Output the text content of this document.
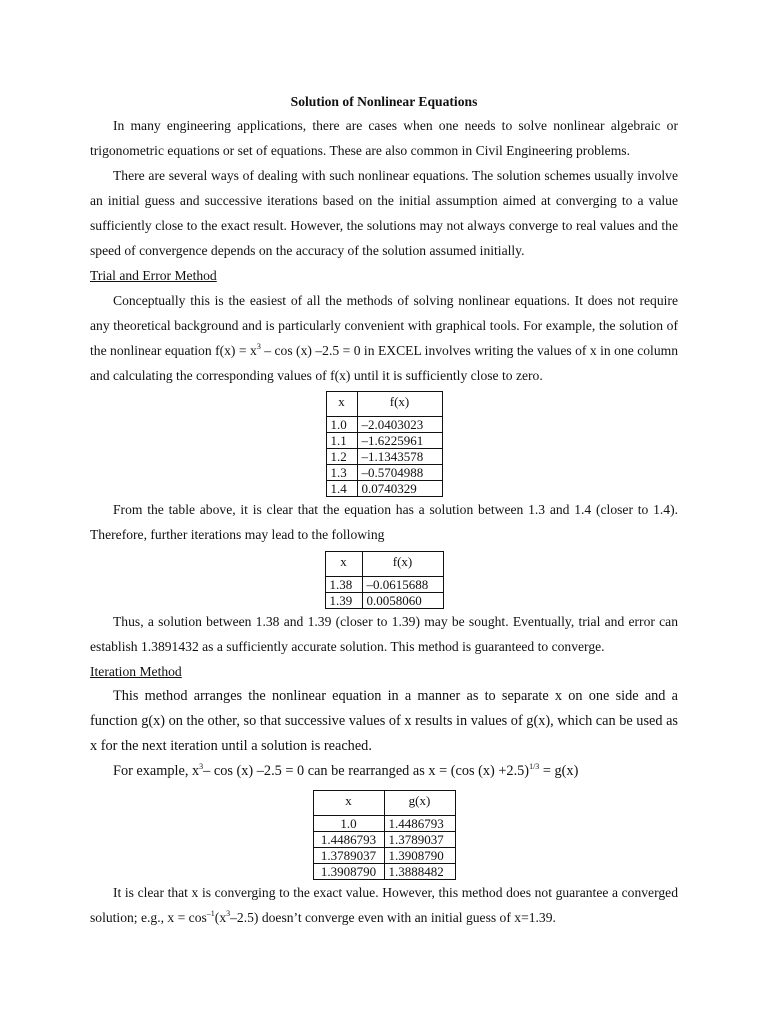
Solution of Nonlinear Equations

In many engineering applications, there are cases when one needs to solve nonlinear algebraic or trigonometric equations or set of equations. These are also common in Civil Engineering problems.

There are several ways of dealing with such nonlinear equations. The solution schemes usually involve an initial guess and successive iterations based on the initial assumption aimed at converging to a value sufficiently close to the exact result. However, the solutions may not always converge to real values and the speed of convergence depends on the accuracy of the solution assumed initially.

Trial and Error Method

Conceptually this is the easiest of all the methods of solving nonlinear equations. It does not require any theoretical background and is particularly convenient with graphical tools. For example, the solution of the nonlinear equation $f(x) = x^3 - \cos (x) -2.5 = 0$ in EXCEL involves writing the values of x in one column and calculating the corresponding values of f(x) until it is sufficiently close to zero.

x	f(x)
1.0	–2.0403023
1.1	–1.6225961
1.2	–1.1343578
1.3	–0.5704988
1.4	0.0740329

From the table above, it is clear that the equation has a solution between 1.3 and 1.4 (closer to 1.4). Therefore, further iterations may lead to the following

x	f(x)
1.38	–0.0615688
1.39	0.0058060

Thus, a solution between 1.38 and 1.39 (closer to 1.39) may be sought. Eventually, trial and error can establish 1.3891432 as a sufficiently accurate solution. This method is guaranteed to converge.

Iteration Method

This method arranges the nonlinear equation in a manner as to separate x on one side and a function g(x) on the other, so that successive values of x results in values of g(x), which can be used as x for the next iteration until a solution is reached.

For example, $x^3-$ cos (x) –2.5 = 0 can be rearranged as x = (cos (x) +2.5)$^{1/3}$ = g(x)

x	g(x)
1.0	1.4486793
1.4486793	1.3789037
1.3789037	1.3908790
1.3908790	1.3888482

It is clear that x is converging to the exact value. However, this method does not guarantee a converged solution; e.g., $x = \cos^{-1}(x^3-2.5)$ doesn’t converge even with an initial guess of x=1.39.
